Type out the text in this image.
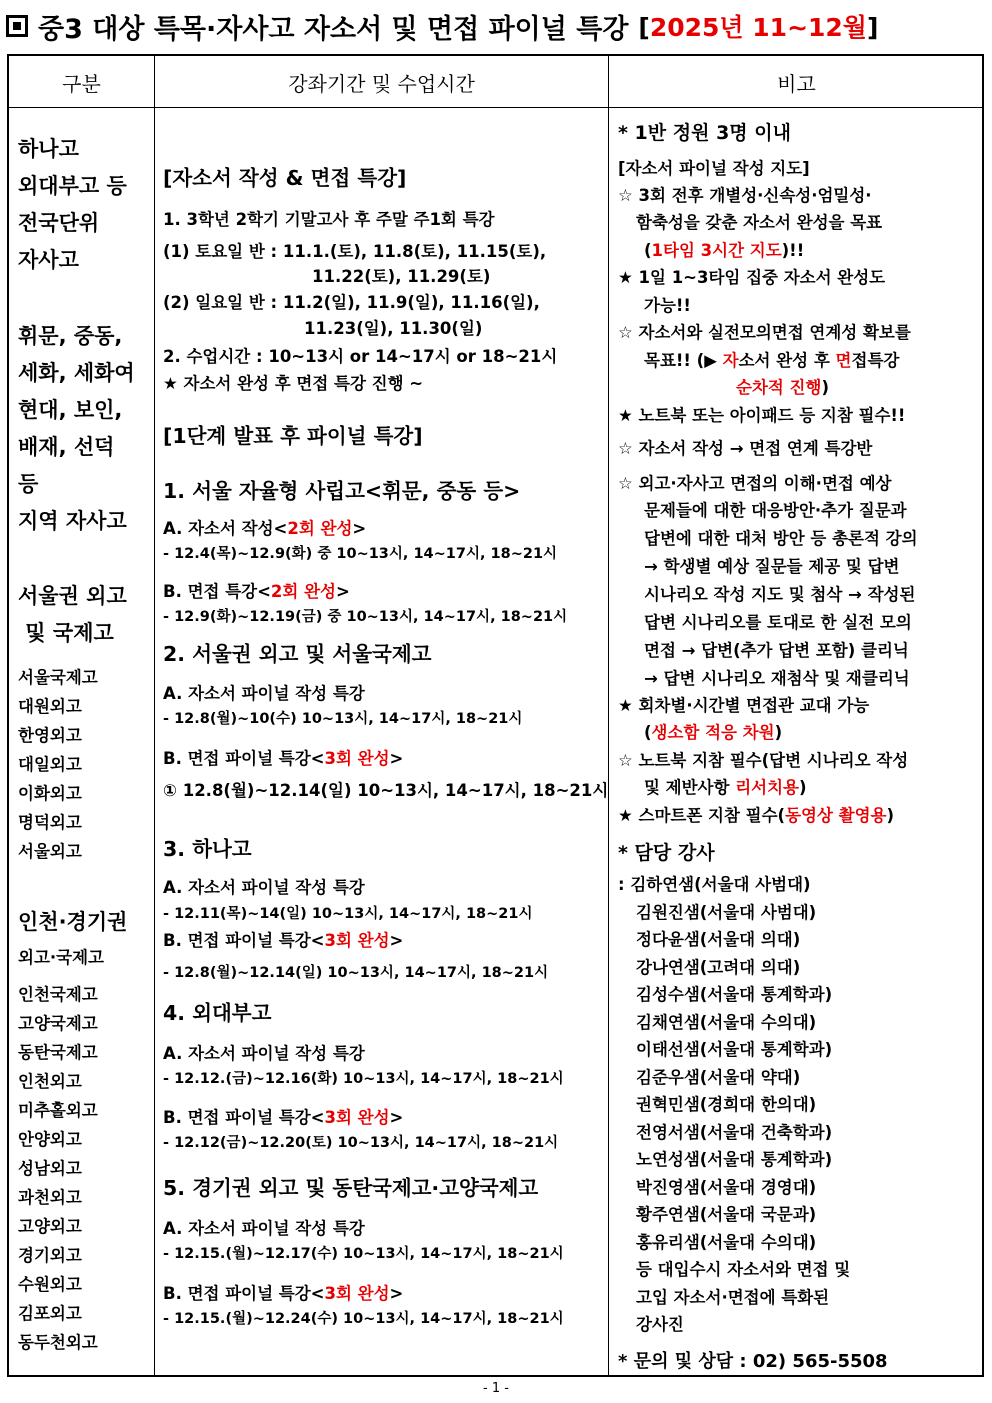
중3 대상 특목·자사고 자소서 및 면접 파이널 특강 [2025년 11~12월]
구분	강좌기간 및 수업시간	비고
하나고
외대부고 등
전국단위
자사고
휘문, 중동,
세화, 세화여
현대, 보인,
배재, 선덕
등
지역 자사고
서울권 외고
및 국제고
서울국제고
대원외고
한영외고
대일외고
이화외고
명덕외고
서울외고
인천·경기권
외고·국제고
인천국제고
고양국제고
동탄국제고
인천외고
미추홀외고
안양외고
성남외고
과천외고
고양외고
경기외고
수원외고
김포외고
동두천외고
[자소서 작성 & 면접 특강]
1. 3학년 2학기 기말고사 후 주말 주1회 특강
(1) 토요일 반 : 11.1.(토), 11.8(토), 11.15(토),
11.22(토), 11.29(토)
(2) 일요일 반 : 11.2(일), 11.9(일), 11.16(일),
11.23(일), 11.30(일)
2. 수업시간 : 10~13시 or 14~17시 or 18~21시
★ 자소서 완성 후 면접 특강 진행 ~
[1단계 발표 후 파이널 특강]
1. 서울 자율형 사립고<휘문, 중동 등>
A. 자소서 작성<2회 완성>
- 12.4(목)~12.9(화) 중 10~13시, 14~17시, 18~21시
B. 면접 특강<2회 완성>
- 12.9(화)~12.19(금) 중 10~13시, 14~17시, 18~21시
2. 서울권 외고 및 서울국제고
A. 자소서 파이널 작성 특강
- 12.8(월)~10(수) 10~13시, 14~17시, 18~21시
B. 면접 파이널 특강<3회 완성>
① 12.8(월)~12.14(일) 10~13시, 14~17시, 18~21시
3. 하나고
A. 자소서 파이널 작성 특강
- 12.11(목)~14(일) 10~13시, 14~17시, 18~21시
B. 면접 파이널 특강<3회 완성>
- 12.8(월)~12.14(일) 10~13시, 14~17시, 18~21시
4. 외대부고
A. 자소서 파이널 작성 특강
- 12.12.(금)~12.16(화) 10~13시, 14~17시, 18~21시
B. 면접 파이널 특강<3회 완성>
- 12.12(금)~12.20(토) 10~13시, 14~17시, 18~21시
5. 경기권 외고 및 동탄국제고·고양국제고
A. 자소서 파이널 작성 특강
- 12.15.(월)~12.17(수) 10~13시, 14~17시, 18~21시
B. 면접 파이널 특강<3회 완성>
- 12.15.(월)~12.24(수) 10~13시, 14~17시, 18~21시
* 1반 정원 3명 이내
[자소서 파이널 작성 지도]
☆ 3회 전후 개별성·신속성·엄밀성·
함축성을 갖춘 자소서 완성을 목표
(1타임 3시간 지도)!!
★ 1일 1~3타임 집중 자소서 완성도
가능!!
☆ 자소서와 실전모의면접 연계성 확보를
목표!! (▶ 자소서 완성 후 면접특강
순차적 진행)
★ 노트북 또는 아이패드 등 지참 필수!!
☆ 자소서 작성 → 면접 연계 특강반
☆ 외고·자사고 면접의 이해·면접 예상
문제들에 대한 대응방안·추가 질문과
답변에 대한 대처 방안 등 총론적 강의
→ 학생별 예상 질문들 제공 및 답변
시나리오 작성 지도 및 첨삭 → 작성된
답변 시나리오를 토대로 한 실전 모의
면접 → 답변(추가 답변 포함) 클리닉
→ 답변 시나리오 재첨삭 및 재클리닉
★ 회차별·시간별 면접관 교대 가능
(생소함 적응 차원)
☆ 노트북 지참 필수(답변 시나리오 작성
및 제반사항 리서치용)
★ 스마트폰 지참 필수(동영상 촬영용)
* 담당 강사
: 김하연샘(서울대 사범대)
김원진샘(서울대 사범대)
정다윤샘(서울대 의대)
강나연샘(고려대 의대)
김성수샘(서울대 통계학과)
김채연샘(서울대 수의대)
이태선샘(서울대 통계학과)
김준우샘(서울대 약대)
권혁민샘(경희대 한의대)
전영서샘(서울대 건축학과)
노연성샘(서울대 통계학과)
박진영샘(서울대 경영대)
황주연샘(서울대 국문과)
홍유리샘(서울대 수의대)
등 대입수시 자소서와 면접 및
고입 자소서·면접에 특화된
강사진
* 문의 및 상담 : 02) 565-5508
- 1 -
